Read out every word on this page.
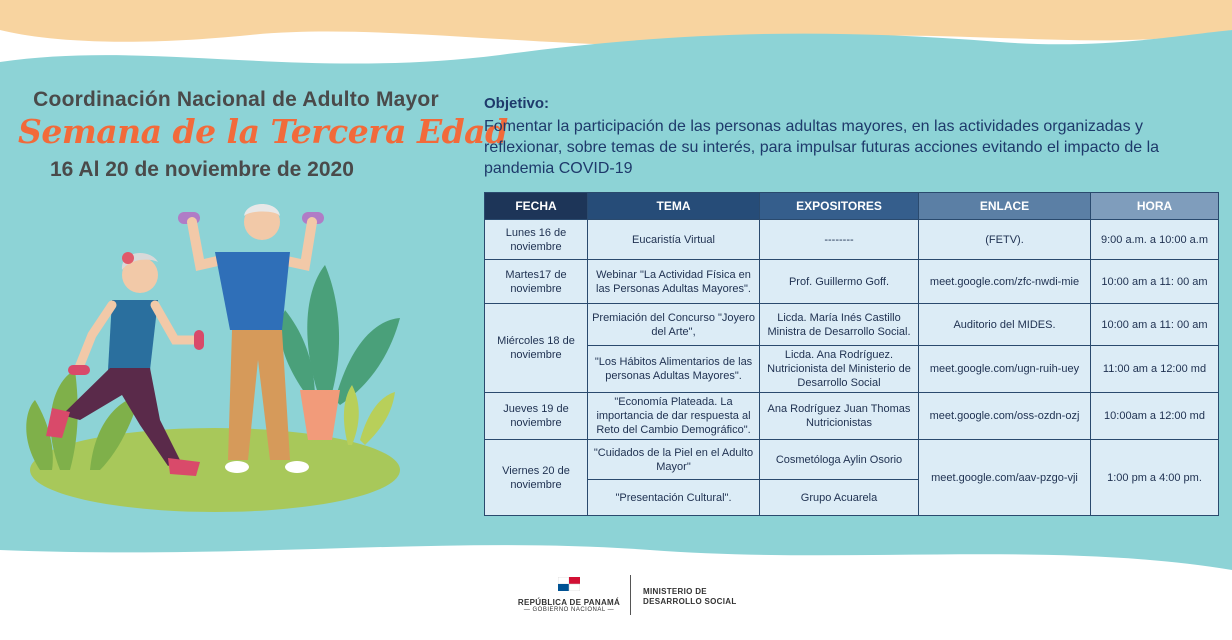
Coordinación Nacional de Adulto Mayor
Semana de la Tercera Edad
16 Al 20 de noviembre de 2020
Objetivo:
Fomentar la participación de las personas adultas mayores, en las actividades organizadas y reflexionar, sobre temas de su interés, para impulsar futuras acciones evitando el impacto de la pandemia COVID-19
FECHA	TEMA	EXPOSITORES	ENLACE	HORA
Lunes 16 de noviembre	Eucaristía Virtual	--------	(FETV).	9:00 a.m. a 10:00 a.m
Martes17 de noviembre	Webinar "La Actividad Física en las Personas Adultas Mayores".	Prof. Guillermo Goff.	meet.google.com/zfc-nwdi-mie	10:00 am a 11: 00 am
Miércoles 18 de noviembre	Premiación del Concurso "Joyero del Arte",	Licda. María Inés Castillo Ministra de Desarrollo Social.	Auditorio del MIDES.	10:00 am a 11: 00 am
	"Los Hábitos Alimentarios de las personas Adultas Mayores".	Licda. Ana Rodríguez. Nutricionista del Ministerio de Desarrollo Social	meet.google.com/ugn-ruih-uey	11:00 am a 12:00 md
Jueves 19 de noviembre	"Economía Plateada. La importancia de dar respuesta al Reto del Cambio Demográfico".	Ana Rodríguez Juan Thomas Nutricionistas	meet.google.com/oss-ozdn-ozj	10:00am a 12:00 md
Viernes 20 de noviembre	"Cuidados de la Piel en el Adulto Mayor"	Cosmetóloga Aylin Osorio	meet.google.com/aav-pzgo-vji	1:00 pm a 4:00 pm.
	"Presentación Cultural".	Grupo Acuarela		
REPÚBLICA DE PANAMÁ
— GOBIERNO NACIONAL —
MINISTERIO DE
DESARROLLO SOCIAL
